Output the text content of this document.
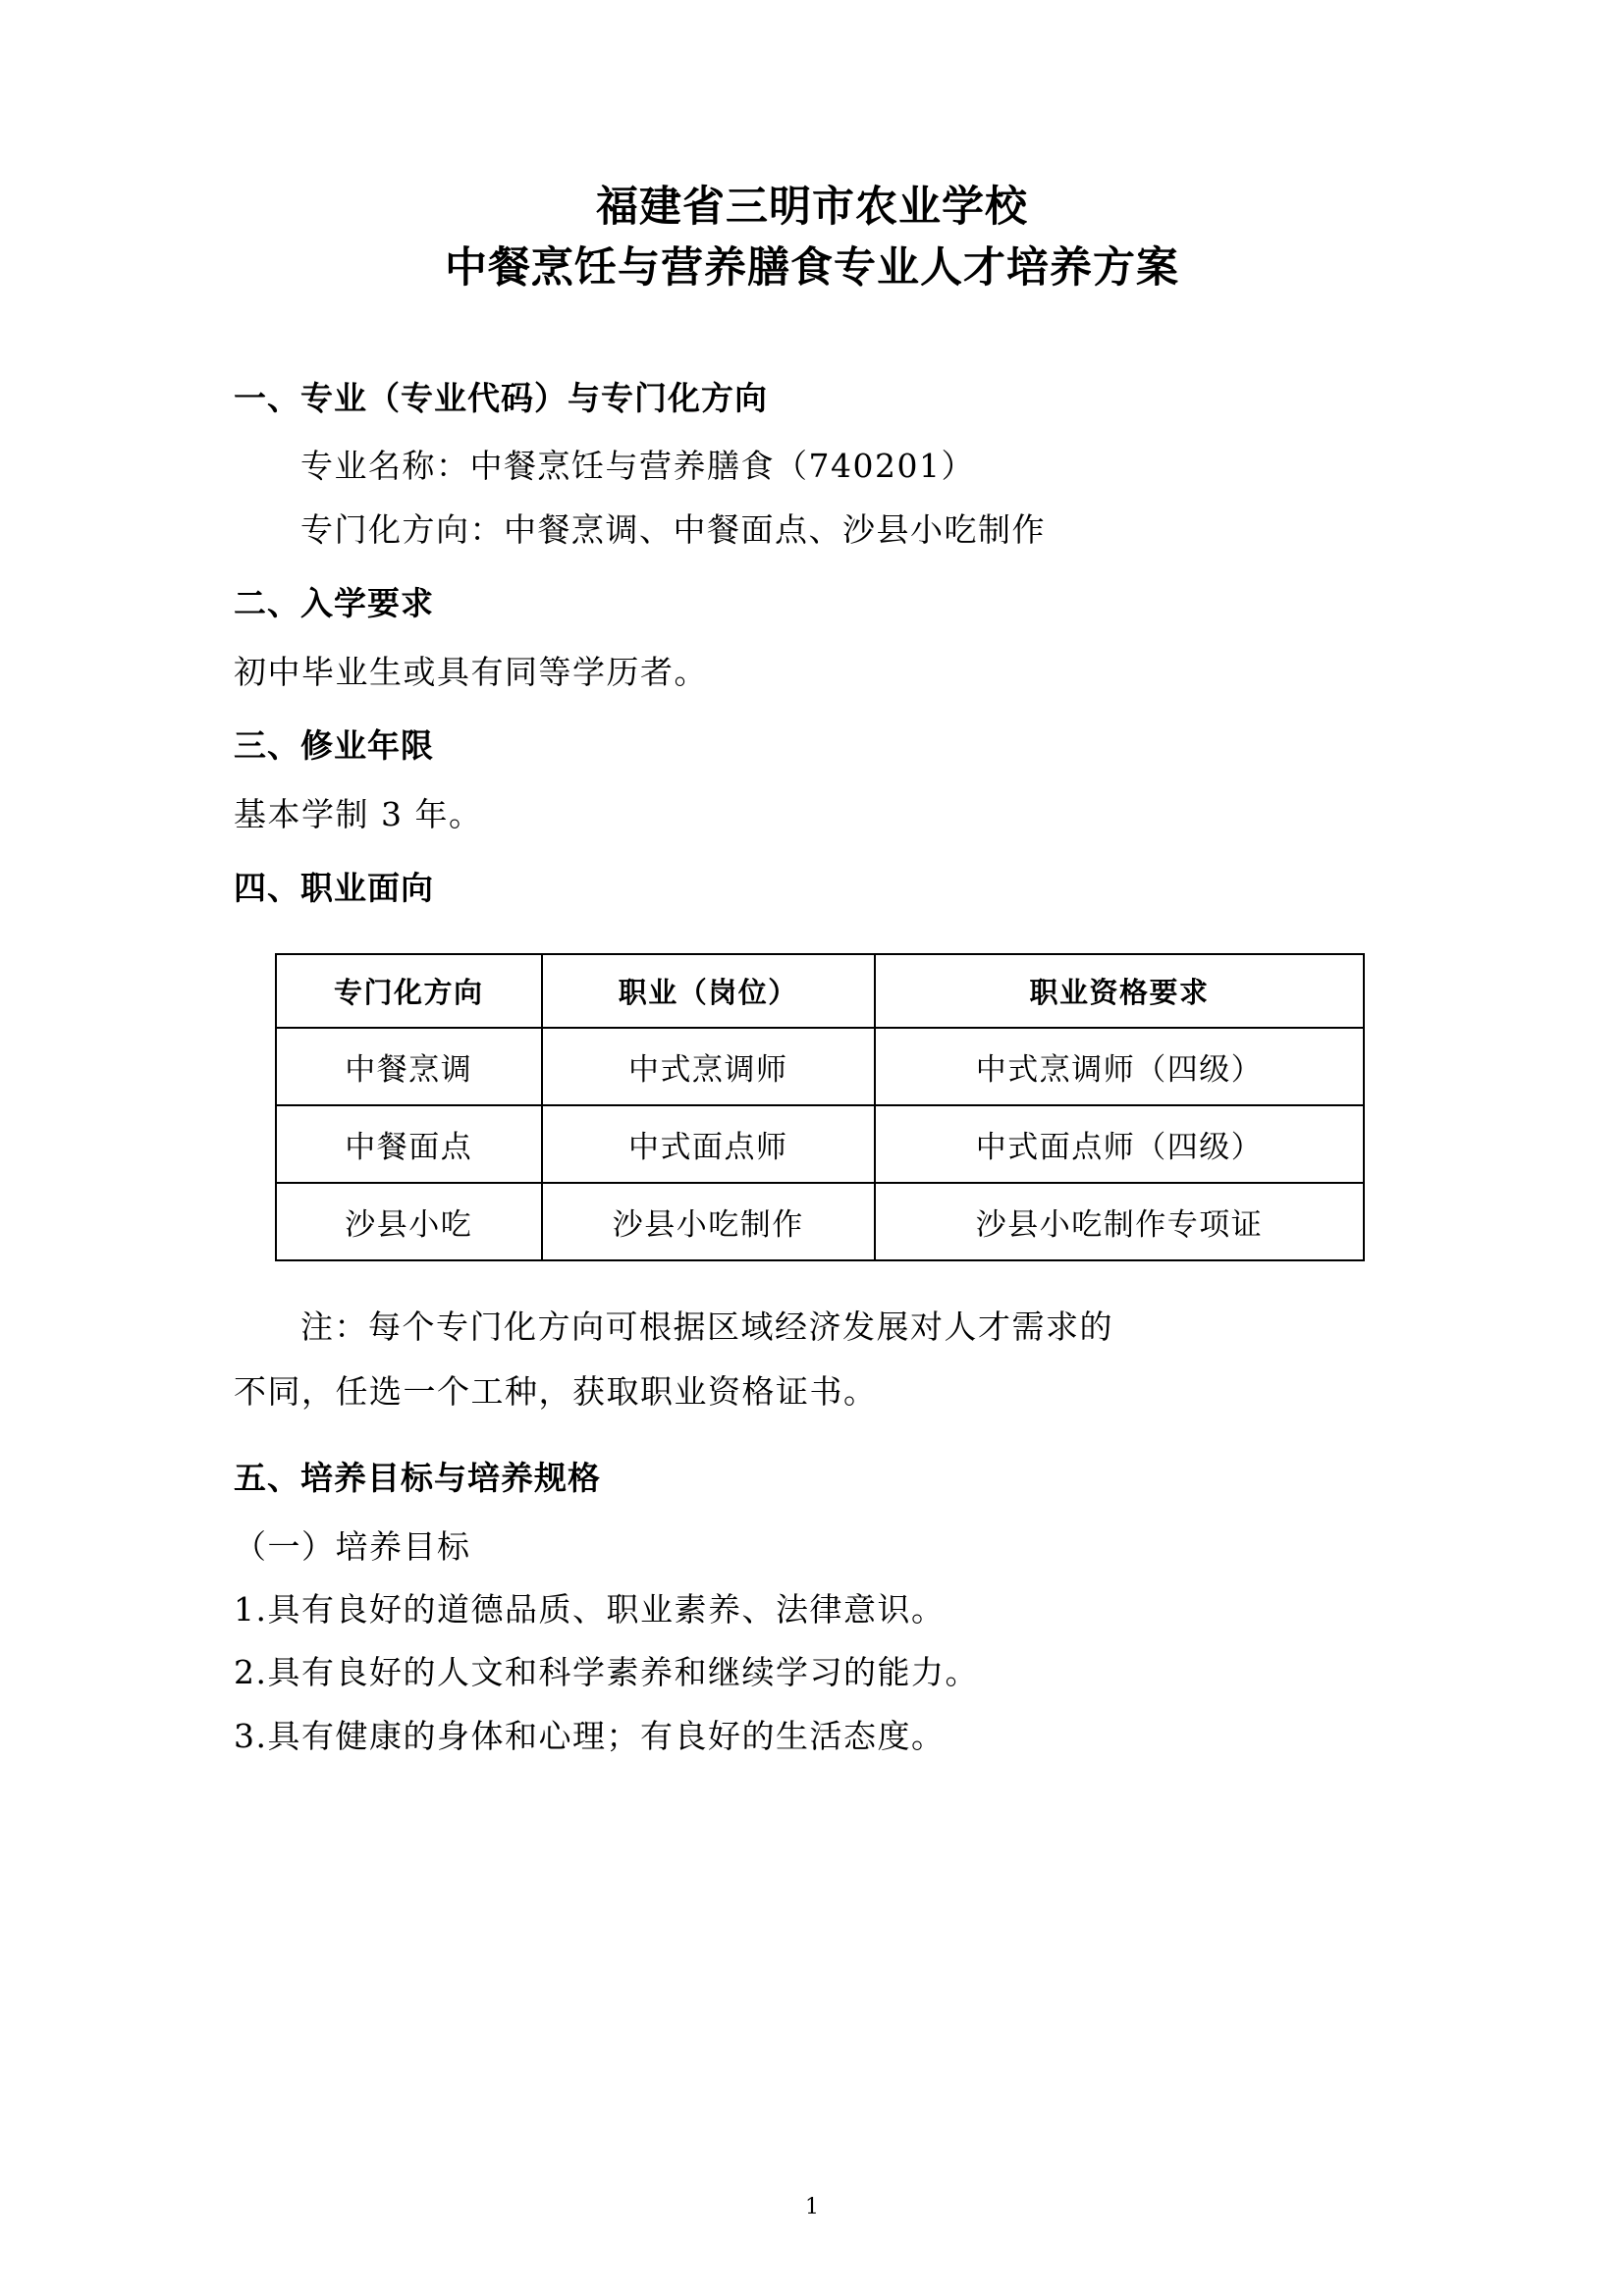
福建省三明市农业学校
中餐烹饪与营养膳食专业人才培养方案
一、专业（专业代码）与专门化方向
专业名称：中餐烹饪与营养膳食（740201）
专门化方向：中餐烹调、中餐面点、沙县小吃制作
二、入学要求
初中毕业生或具有同等学历者。
三、修业年限
基本学制 3 年。
四、职业面向
专门化方向	职业（岗位）	职业资格要求
中餐烹调	中式烹调师	中式烹调师（四级）
中餐面点	中式面点师	中式面点师（四级）
沙县小吃	沙县小吃制作	沙县小吃制作专项证
注：每个专门化方向可根据区域经济发展对人才需求的
不同，任选一个工种，获取职业资格证书。
五、培养目标与培养规格
（一）培养目标
1.具有良好的道德品质、职业素养、法律意识。
2.具有良好的人文和科学素养和继续学习的能力。
3.具有健康的身体和心理；有良好的生活态度。
1
